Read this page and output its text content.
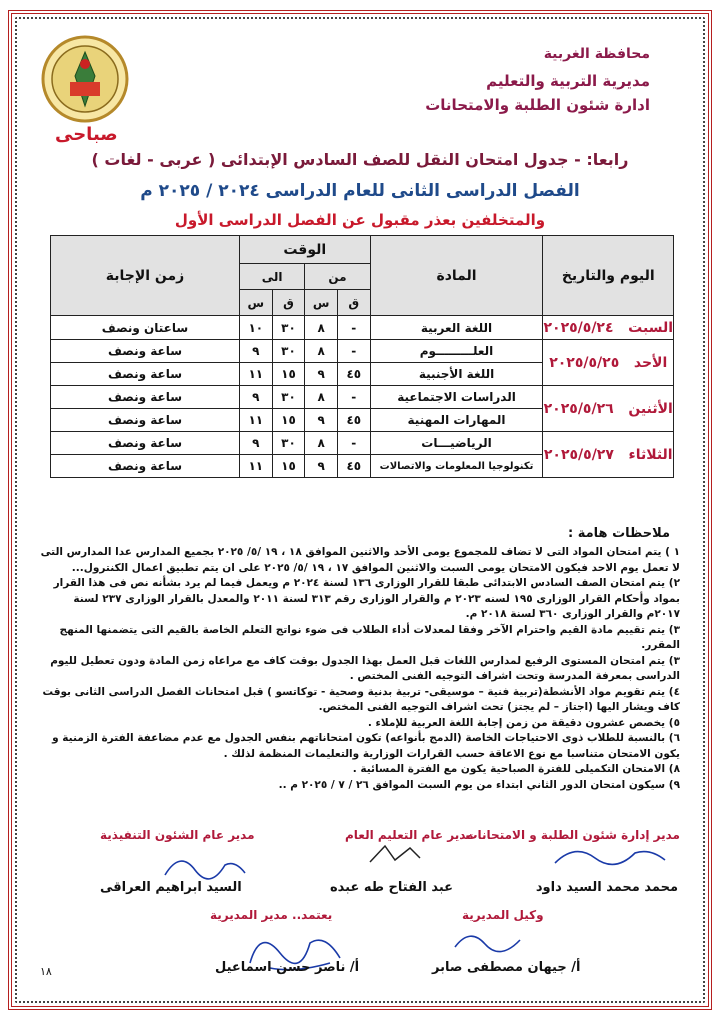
محافظة الغربية
مديرية التربية والتعليم
ادارة شئون الطلبة والامتحانات
صباحى
رابعا: - جدول امتحان النقل للصف السادس الإبتدائى ( عربى - لغات )
الفصل الدراسى الثانى للعام الدراسى ٢٠٢٤ / ٢٠٢٥ م
والمتخلفين بعذر مقبول عن الفصل الدراسى الأول
اليوم والتاريخ	المادة	الوقت				زمن الإجابة
		من		الى		
		ق	س	ق	س	
السبت   ٢٠٢٥/٥/٢٤	اللغة العربية	-	٨	٣٠	١٠	ساعتان ونصف
الأحد   ٢٠٢٥/٥/٢٥	العلـــــــــوم	-	٨	٣٠	٩	ساعة ونصف
	اللغة الأجنبية	٤٥	٩	١٥	١١	ساعة ونصف
الأثنين   ٢٠٢٥/٥/٢٦	الدراسات الاجتماعية	-	٨	٣٠	٩	ساعة ونصف
	المهارات المهنية	٤٥	٩	١٥	١١	ساعة ونصف
الثلاثاء   ٢٠٢٥/٥/٢٧	الرياضيـــات	-	٨	٣٠	٩	ساعة ونصف
	تكنولوجيا المعلومات والاتصالات	٤٥	٩	١٥	١١	ساعة ونصف
ملاحظات هامة :
١ ) يتم امتحان المواد التى لا تضاف للمجموع يومى الأحد والاثنين الموافق ١٨ ، ١٩ /٥/ ٢٠٢٥ بجميع المدارس عدا المدارس التى لا تعمل يوم الاحد فيكون الامتحان يومى السبت والاثنين الموافق ١٧ ، ١٩ /٥/ ٢٠٢٥ على ان يتم تطبيق اعمال الكنترول...
٢) يتم امتحان الصف السادس الابتدائى طبقا للقرار الوزارى ١٣٦ لسنة ٢٠٢٤ م ويعمل فيما لم يرد بشأنه نص فى هذا القرار بمواد وأحكام القرار الوزارى ١٩٥ لسنه ٢٠٢٣ م والقرار الوزارى رقم ٣١٣ لسنة ٢٠١١ والمعدل بالقرار الوزارى ٢٣٧ لسنة ٢٠١٧م والقرار الوزارى ٣٦٠ لسنة ٢٠١٨ م.
٣) يتم تقييم مادة القيم واحترام الآخر وفقا لمعدلات أداء الطلاب فى ضوء نواتج التعلم الخاصة بالقيم التى يتضمنها المنهج المقرر.
٣) يتم امتحان المستوى الرفيع لمدارس اللغات قبل العمل بهذا الجدول بوقت كاف مع مراعاه زمن المادة ودون تعطيل لليوم الدراسى بمعرفة المدرسة وتحت اشراف التوجيه الفنى المختص .
٤) يتم تقويم مواد الأنشطة(تربية فنية – موسيقى- تربية بدنية وصحية - توكاتسو ) قبل امتحانات الفصل الدراسى الثانى بوقت كاف ويشار اليها (اجتاز – لم يجتز) تحت اشراف التوجيه الفنى المختص.
٥) يخصص عشرون دقيقة من زمن إجابة اللغة العربية للإملاء .
٦) بالنسبة للطلاب ذوى الاحتياجات الخاصة (الدمج بأنواعه) تكون امتحاناتهم بنفس الجدول مع عدم مضاعفة الفترة الزمنية و يكون الامتحان متناسبا مع نوع الاعاقة حسب القرارات الوزارية والتعليمات المنظمة لذلك .
٨) الامتحان التكميلى للفترة الصباحية يكون مع الفترة المسائية .
٩) سيكون امتحان الدور الثاني ابتداء من يوم السبت الموافق ٢٦ / ٧ / ٢٠٢٥ م ..
مدير عام الشئون التنفيذية	مدير عام التعليم العام
مدير إدارة شئون الطلبة و الامتحانات
السيد ابراهيم العراقى	عبد الفتاح طه عبده	محمد محمد السيد داود
يعتمد.. مدير المديرية	وكيل المديرية
أ/ ناصر حسن اسماعيل	أ/ جيهان مصطفى صابر
١٨
